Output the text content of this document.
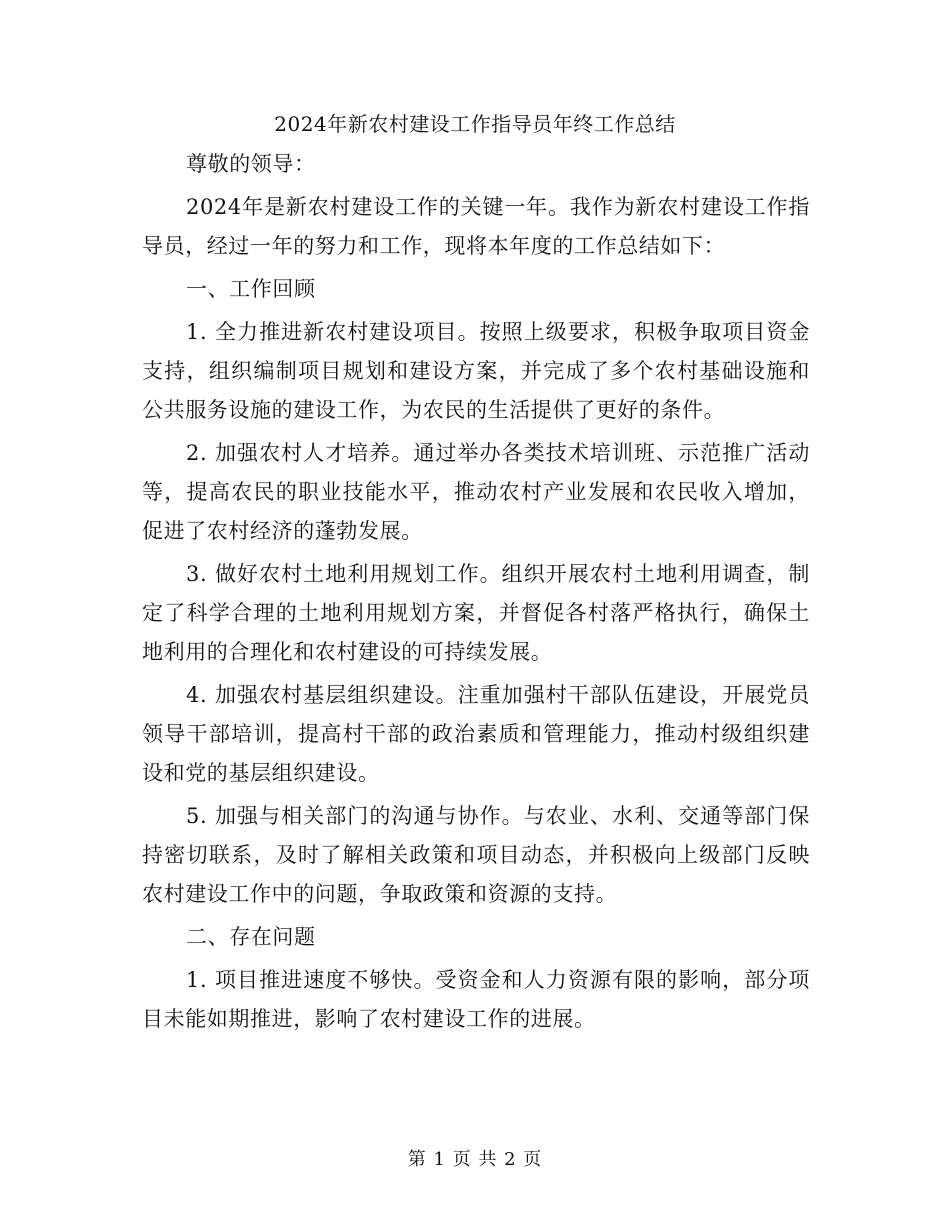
2024年新农村建设工作指导员年终工作总结

尊敬的领导：

2024年是新农村建设工作的关键一年。我作为新农村建设工作指导员，经过一年的努力和工作，现将本年度的工作总结如下：

一、工作回顾

1. 全力推进新农村建设项目。按照上级要求，积极争取项目资金支持，组织编制项目规划和建设方案，并完成了多个农村基础设施和公共服务设施的建设工作，为农民的生活提供了更好的条件。

2. 加强农村人才培养。通过举办各类技术培训班、示范推广活动等，提高农民的职业技能水平，推动农村产业发展和农民收入增加，促进了农村经济的蓬勃发展。

3. 做好农村土地利用规划工作。组织开展农村土地利用调查，制定了科学合理的土地利用规划方案，并督促各村落严格执行，确保土地利用的合理化和农村建设的可持续发展。

4. 加强农村基层组织建设。注重加强村干部队伍建设，开展党员领导干部培训，提高村干部的政治素质和管理能力，推动村级组织建设和党的基层组织建设。

5. 加强与相关部门的沟通与协作。与农业、水利、交通等部门保持密切联系，及时了解相关政策和项目动态，并积极向上级部门反映农村建设工作中的问题，争取政策和资源的支持。

二、存在问题

1. 项目推进速度不够快。受资金和人力资源有限的影响，部分项目未能如期推进，影响了农村建设工作的进展。

第 1 页 共 2 页
